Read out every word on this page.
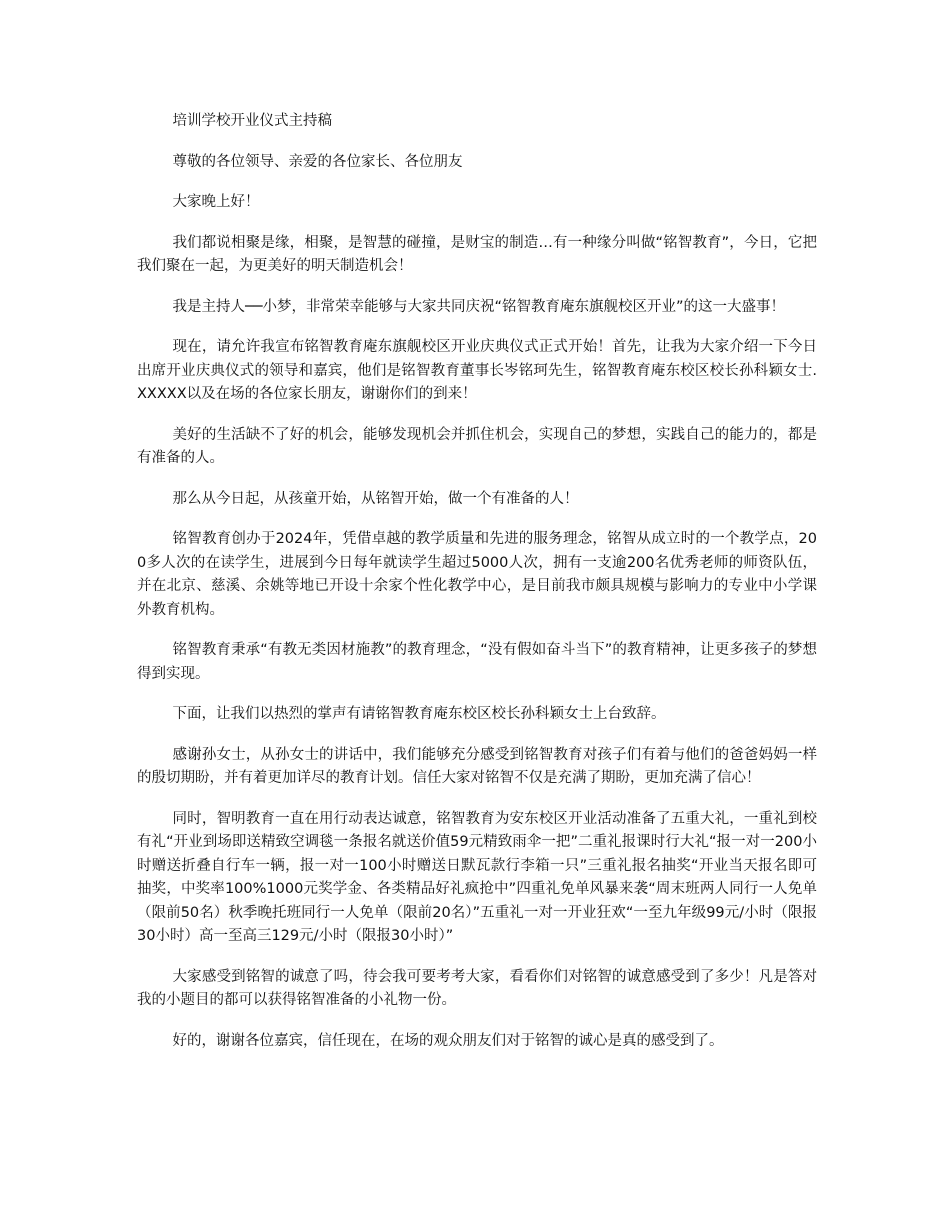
培训学校开业仪式主持稿

尊敬的各位领导、亲爱的各位家长、各位朋友

大家晚上好！

我们都说相聚是缘，相聚，是智慧的碰撞，是财宝的制造…有一种缘分叫做“铭智教育”，今日，它把我们聚在一起，为更美好的明天制造机会！

我是主持人──小梦，非常荣幸能够与大家共同庆祝“铭智教育庵东旗舰校区开业”的这一大盛事！

现在，请允许我宣布铭智教育庵东旗舰校区开业庆典仪式正式开始！首先，让我为大家介绍一下今日出席开业庆典仪式的领导和嘉宾，他们是铭智教育董事长岑铭珂先生，铭智教育庵东校区校长孙科颖女士.XXXXX以及在场的各位家长朋友，谢谢你们的到来！

美好的生活缺不了好的机会，能够发现机会并抓住机会，实现自己的梦想，实践自己的能力的，都是有准备的人。

那么从今日起，从孩童开始，从铭智开始，做一个有准备的人！

铭智教育创办于2024年，凭借卓越的教学质量和先进的服务理念，铭智从成立时的一个教学点，200多人次的在读学生，进展到今日每年就读学生超过5000人次，拥有一支逾200名优秀老师的师资队伍，并在北京、慈溪、余姚等地已开设十余家个性化教学中心，是目前我市颇具规模与影响力的专业中小学课外教育机构。

铭智教育秉承“有教无类因材施教”的教育理念，“没有假如奋斗当下”的教育精神，让更多孩子的梦想得到实现。

下面，让我们以热烈的掌声有请铭智教育庵东校区校长孙科颖女士上台致辞。

感谢孙女士，从孙女士的讲话中，我们能够充分感受到铭智教育对孩子们有着与他们的爸爸妈妈一样的殷切期盼，并有着更加详尽的教育计划。信任大家对铭智不仅是充满了期盼，更加充满了信心！

同时，智明教育一直在用行动表达诚意，铭智教育为安东校区开业活动准备了五重大礼，一重礼到校有礼“开业到场即送精致空调毯一条报名就送价值59元精致雨伞一把”二重礼报课时行大礼“报一对一200小时赠送折叠自行车一辆，报一对一100小时赠送日默瓦款行李箱一只”三重礼报名抽奖“开业当天报名即可抽奖，中奖率100%1000元奖学金、各类精品好礼疯抢中”四重礼免单风暴来袭“周末班两人同行一人免单（限前50名）秋季晚托班同行一人免单（限前20名）”五重礼一对一开业狂欢“一至九年级99元/小时（限报30小时）高一至高三129元/小时（限报30小时）”

大家感受到铭智的诚意了吗，待会我可要考考大家，看看你们对铭智的诚意感受到了多少！凡是答对我的小题目的都可以获得铭智准备的小礼物一份。

好的，谢谢各位嘉宾，信任现在，在场的观众朋友们对于铭智的诚心是真的感受到了。
